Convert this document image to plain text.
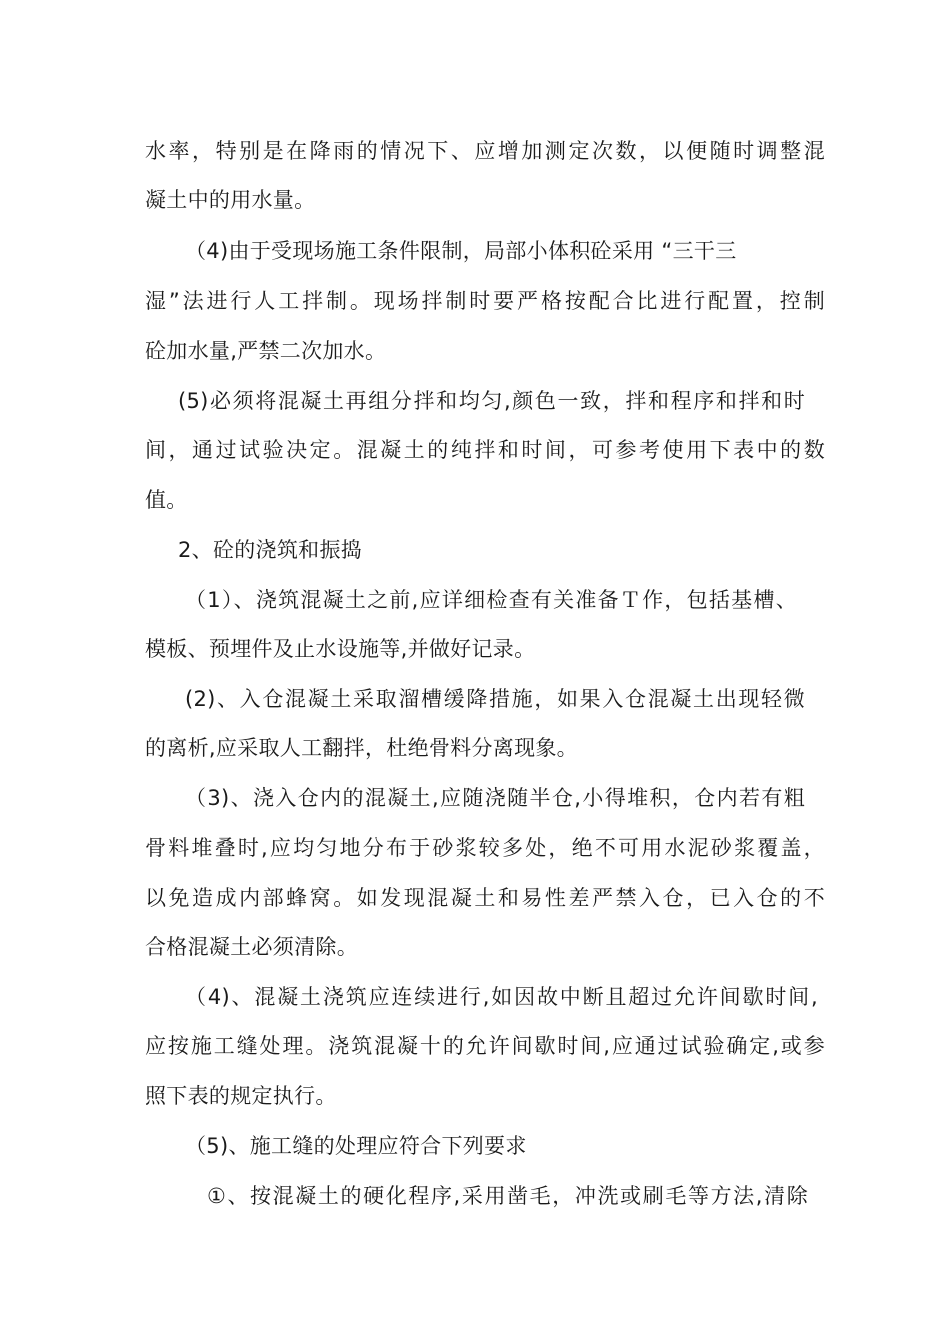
水率，特别是在降雨的情况下、应增加测定次数，以便随时调整混
凝土中的用水量。
（4)由于受现场施工条件限制，局部小体积砼采用 “三干三
湿”法进行人工拌制。现场拌制时要严格按配合比进行配置，控制
砼加水量,严禁二次加水。
(5)必须将混凝土再组分拌和均匀,颜色一致，拌和程序和拌和时
间，通过试验决定。混凝土的纯拌和时间，可参考使用下表中的数
值。
2、砼的浇筑和振捣
（1）、浇筑混凝土之前,应详细检查有关准备Ｔ作，包括基槽、
模板、预埋件及止水设施等,并做好记录。
(2)、入仓混凝土采取溜槽缓降措施，如果入仓混凝土出现轻微
的离析,应采取人工翻拌，杜绝骨料分离现象。
（3)、浇入仓内的混凝土,应随浇随半仓,小得堆积，仓内若有粗
骨料堆叠时,应均匀地分布于砂浆较多处，绝不可用水泥砂浆覆盖，
以免造成内部蜂窝。如发现混凝土和易性差严禁入仓，已入仓的不
合格混凝土必须清除。
（4)、混凝土浇筑应连续进行,如因故中断且超过允许间歇时间,
应按施工缝处理。浇筑混凝十的允许间歇时间,应通过试验确定,或参
照下表的规定执行。
（5)、施工缝的处理应符合下列要求
①、按混凝土的硬化程序,采用凿毛，冲洗或刷毛等方法,清除
